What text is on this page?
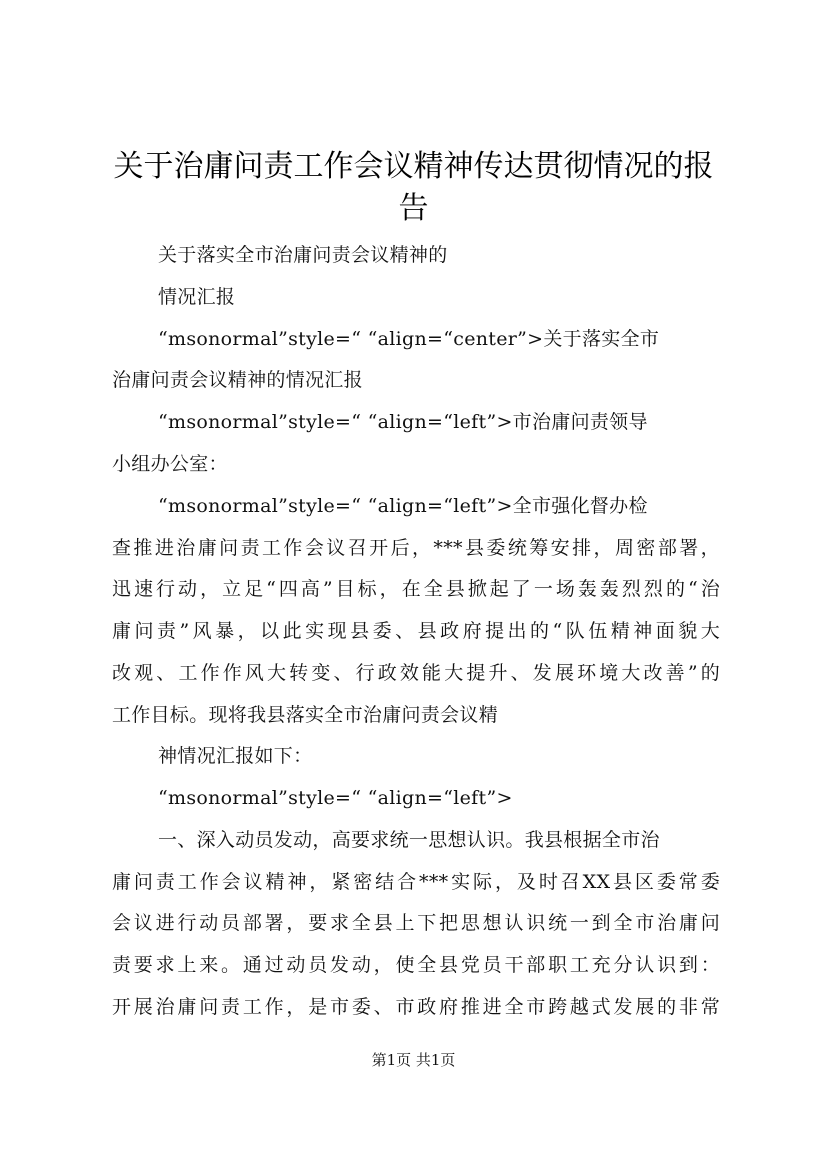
关于治庸问责工作会议精神传达贯彻情况的报
告
关于落实全市治庸问责会议精神的
情况汇报
“msonormal”style=“ “align=“center”>关于落实全市
治庸问责会议精神的情况汇报
“msonormal”style=“ “align=“left”>市治庸问责领导
小组办公室：
“msonormal”style=“ “align=“left”>全市强化督办检
查推进治庸问责工作会议召开后，***县委统筹安排，周密部署，
迅速行动，立足“四高”目标，在全县掀起了一场轰轰烈烈的“治
庸问责”风暴，以此实现县委、县政府提出的“队伍精神面貌大
改观、工作作风大转变、行政效能大提升、发展环境大改善”的
工作目标。现将我县落实全市治庸问责会议精
神情况汇报如下：
“msonormal”style=“ “align=“left”>
一、深入动员发动，高要求统一思想认识。我县根据全市治
庸问责工作会议精神，紧密结合***实际，及时召XX县区委常委
会议进行动员部署，要求全县上下把思想认识统一到全市治庸问
责要求上来。通过动员发动，使全县党员干部职工充分认识到：
开展治庸问责工作，是市委、市政府推进全市跨越式发展的非常
第1页 共1页
